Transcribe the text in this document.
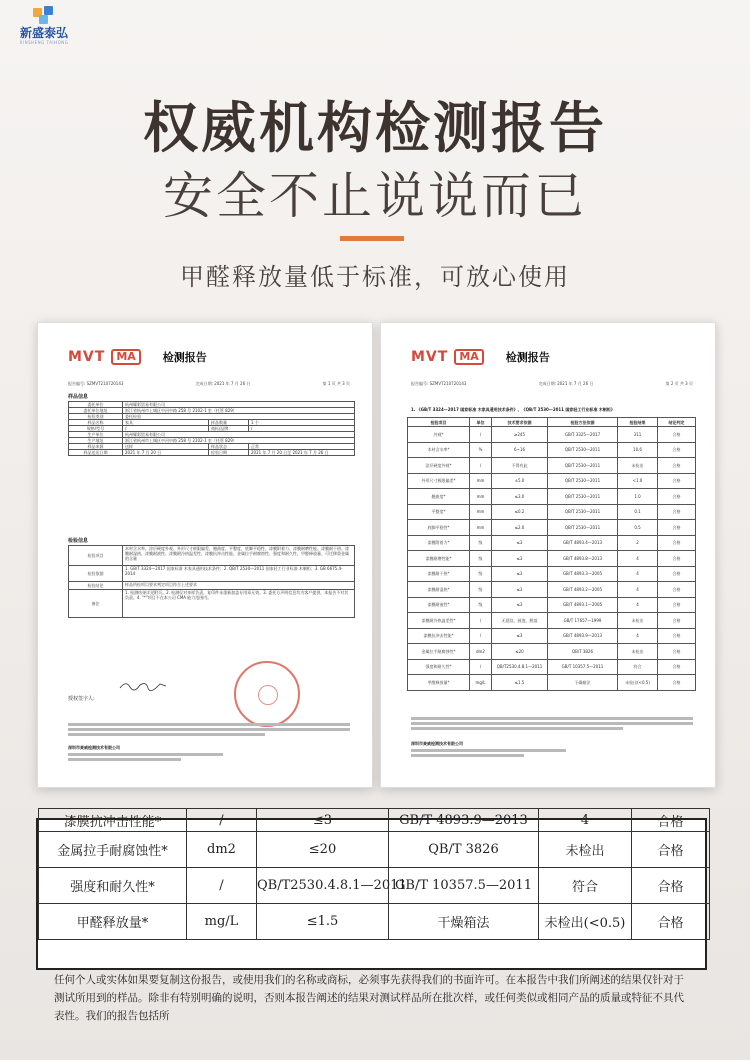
新盛泰弘
XINSHENG TAIHONG
权威机构检测报告
安全不止说说而已
甲醛释放量低于标准，可放心使用
MVT	MA	检测报告
报告编号: SZMVT210720143	完成日期: 2021 年 7 月 26 日	第 1 页 共 3 页
样品信息
委托单位	杭州耀彩贸易有限公司		
委托单位地址	浙江省杭州市上城区中河中路 258 号 2102-1 室（托管 829）		
检验类别	委托检验		
样品名称	家具	样品数量	1 个
规格/型号	/	商标/品牌	/
生产单位	杭州耀彩贸易有限公司		
生产地址	浙江省杭州市上城区中河中路 258 号 2102-1 室（托管 829）		
样品来源	送样	样品状态	正常
样品送达日期	2021 年 7 月 20 日	检验日期	2021 年 7 月 20 日至 2021 年 7 月 26 日
检验信息
检验项目	木材含水率、涂层硬度外观、外形尺寸极限偏差、翘曲度、平整度、底脚平稳性、漆膜附着力、漆膜耐磨性能、漆膜耐干热、漆膜耐湿热、漆膜耐液性、漆膜耐冷热温差性、漆膜抗冲击性能、金属拉手耐腐蚀性、强度和耐久性、甲醛释放量、可迁移重金属的含量
检验依据	1. GB/T 3324—2017 国家标准 木家具通用技术条件；2. QB/T 2530—2011 国家轻工行业标准 木制柜；3. GB 6675.4-2014
检验结论	样品所检项目要求判定项目符合上述要求
备注	1. 检测结果详见附页。2. 检测仅对来样负责，复印件未重新加盖专用章无效。3. 委托方声明信息均为客户提供，本报告不对其负责。4. "*"项目不在本公司 CMA 能力范围内。
授权签字人:
深圳市麦威检测技术有限公司
MVT	MA	检测报告
报告编号: SZMVT210720143	完成日期: 2021 年 7 月 26 日	第 2 页 共 3 页
1. 《GB/T 3324—2017 国家标准 木家具通用技术条件》、《QB/T 2530—2011 国家轻工行业标准 木制柜》
检验项目	单位	技术要求依据	检验方法依据	检验结果	结论判定
外观*	/	≥245	GB/T 3325—2017	311	合格
木材含水率*	%	6~16	QB/T 2530—2011	10.6	合格
涂层硬度外观*	/	不得有此	QB/T 2530—2011	未检出	合格
外形尺寸极限偏差*	mm	±5.0	QB/T 2530—2011	<1.0	合格
翘曲度*	mm	≤3.0	QB/T 2530—2011	1.0	合格
平整度*	mm	≤0.2	QB/T 2530—2011	0.1	合格
底脚平稳性*	mm	≤2.0	QB/T 2530—2011	0.5	合格
漆膜附着力*	级	≤3	GB/T 4893.4—2013	2	合格
漆膜耐磨性能*	级	≤3	GB/T 4893.8—2013	4	合格
漆膜耐干热*	级	≤3	GB/T 4893.3—2005	4	合格
漆膜耐湿热*	级	≤3	GB/T 4893.2—2005	4	合格
漆膜耐液性*	级	≤3	GB/T 4893.1—2005	4	合格
漆膜耐冷热温差性*	/	无裂纹、鼓泡、脱落	GB/T 17657—1999	未检出	合格
漆膜抗冲击性能*	/	≤3	GB/T 4893.9—2013	4	合格
金属拉手耐腐蚀性*	dm2	≤20	QB/T 3826	未检出	合格
强度和耐久性*	/	QB/T2530.4.8.1—2011	GB/T 10357.5—2011	符合	合格
甲醛释放量*	mg/L	≤1.5	干燥箱法	未检出(<0.5)	合格
深圳市麦威检测技术有限公司
漆膜抗冲击性能*	/	≤3	GB/T 4893.9—2013	4	合格
金属拉手耐腐蚀性*	dm2	≤20	QB/T 3826	未检出	合格
强度和耐久性*	/	QB/T2530.4.8.1—2011	GB/T 10357.5—2011	符合	合格
甲醛释放量*	mg/L	≤1.5	干燥箱法	未检出(<0.5)	合格
任何个人或实体如果要复制这份报告，或使用我们的名称或商标，必须事先获得我们的书面许可。在本报告中我们所阐述的结果仅针对于测试所用到的样品。除非有特别明确的说明，否则本报告阐述的结果对测试样品所在批次样，或任何类似或相同产品的质量或特征不具代表性。我们的报告包括所
